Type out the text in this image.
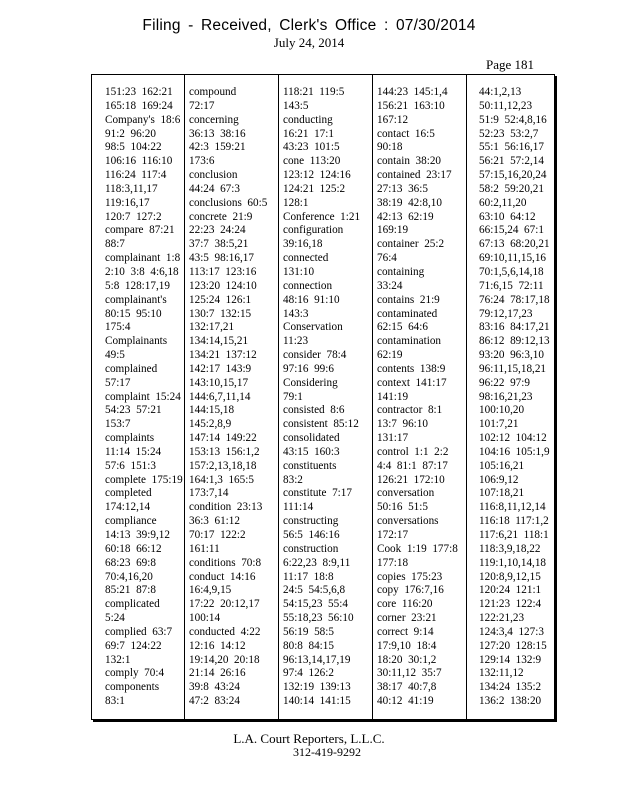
Filing - Received, Clerk's Office : 07/30/2014
July 24, 2014
Page 181
151:23  162:21
165:18  169:24
Company's  18:6
91:2  96:20
98:5  104:22
106:16  116:10
116:24  117:4
118:3,11,17
119:16,17
120:7  127:2
compare  87:21
88:7
complainant  1:8
2:10  3:8  4:6,18
5:8  128:17,19
complainant's
80:15  95:10
175:4
Complainants
49:5
complained
57:17
complaint  15:24
54:23  57:21
153:7
complaints
11:14  15:24
57:6  151:3
complete  175:19
completed
174:12,14
compliance
14:13  39:9,12
60:18  66:12
68:23  69:8
70:4,16,20
85:21  87:8
complicated
5:24
complied  63:7
69:7  124:22
132:1
comply  70:4
components
83:1
compound
72:17
concerning
36:13  38:16
42:3  159:21
173:6
conclusion
44:24  67:3
conclusions  60:5
concrete  21:9
22:23  24:24
37:7  38:5,21
43:5  98:16,17
113:17  123:16
123:20  124:10
125:24  126:1
130:7  132:15
132:17,21
134:14,15,21
134:21  137:12
142:17  143:9
143:10,15,17
144:6,7,11,14
144:15,18
145:2,8,9
147:14  149:22
153:13  156:1,2
157:2,13,18,18
164:1,3  165:5
173:7,14
condition  23:13
36:3  61:12
70:17  122:2
161:11
conditions  70:8
conduct  14:16
16:4,9,15
17:22  20:12,17
100:14
conducted  4:22
12:16  14:12
19:14,20  20:18
21:14  26:16
39:8  43:24
47:2  83:24
118:21  119:5
143:5
conducting
16:21  17:1
43:23  101:5
cone  113:20
123:12  124:16
124:21  125:2
128:1
Conference  1:21
configuration
39:16,18
connected
131:10
connection
48:16  91:10
143:3
Conservation
11:23
consider  78:4
97:16  99:6
Considering
79:1
consisted  8:6
consistent  85:12
consolidated
43:15  160:3
constituents
83:2
constitute  7:17
111:14
constructing
56:5  146:16
construction
6:22,23  8:9,11
11:17  18:8
24:5  54:5,6,8
54:15,23  55:4
55:18,23  56:10
56:19  58:5
80:8  84:15
96:13,14,17,19
97:4  126:2
132:19  139:13
140:14  141:15
144:23  145:1,4
156:21  163:10
167:12
contact  16:5
90:18
contain  38:20
contained  23:17
27:13  36:5
38:19  42:8,10
42:13  62:19
169:19
container  25:2
76:4
containing
33:24
contains  21:9
contaminated
62:15  64:6
contamination
62:19
contents  138:9
context  141:17
141:19
contractor  8:1
13:7  96:10
131:17
control  1:1  2:2
4:4  81:1  87:17
126:21  172:10
conversation
50:16  51:5
conversations
172:17
Cook  1:19  177:8
177:18
copies  175:23
copy  176:7,16
core  116:20
corner  23:21
correct  9:14
17:9,10  18:4
18:20  30:1,2
30:11,12  35:7
38:17  40:7,8
40:12  41:19
44:1,2,13
50:11,12,23
51:9  52:4,8,16
52:23  53:2,7
55:1  56:16,17
56:21  57:2,14
57:15,16,20,24
58:2  59:20,21
60:2,11,20
63:10  64:12
66:15,24  67:1
67:13  68:20,21
69:10,11,15,16
70:1,5,6,14,18
71:6,15  72:11
76:24  78:17,18
79:12,17,23
83:16  84:17,21
86:12  89:12,13
93:20  96:3,10
96:11,15,18,21
96:22  97:9
98:16,21,23
100:10,20
101:7,21
102:12  104:12
104:16  105:1,9
105:16,21
106:9,12
107:18,21
116:8,11,12,14
116:18  117:1,2
117:6,21  118:1
118:3,9,18,22
119:1,10,14,18
120:8,9,12,15
120:24  121:1
121:23  122:4
122:21,23
124:3,4  127:3
127:20  128:15
129:14  132:9
132:11,12
134:24  135:2
136:2  138:20
L.A. Court Reporters, L.L.C.
312-419-9292
